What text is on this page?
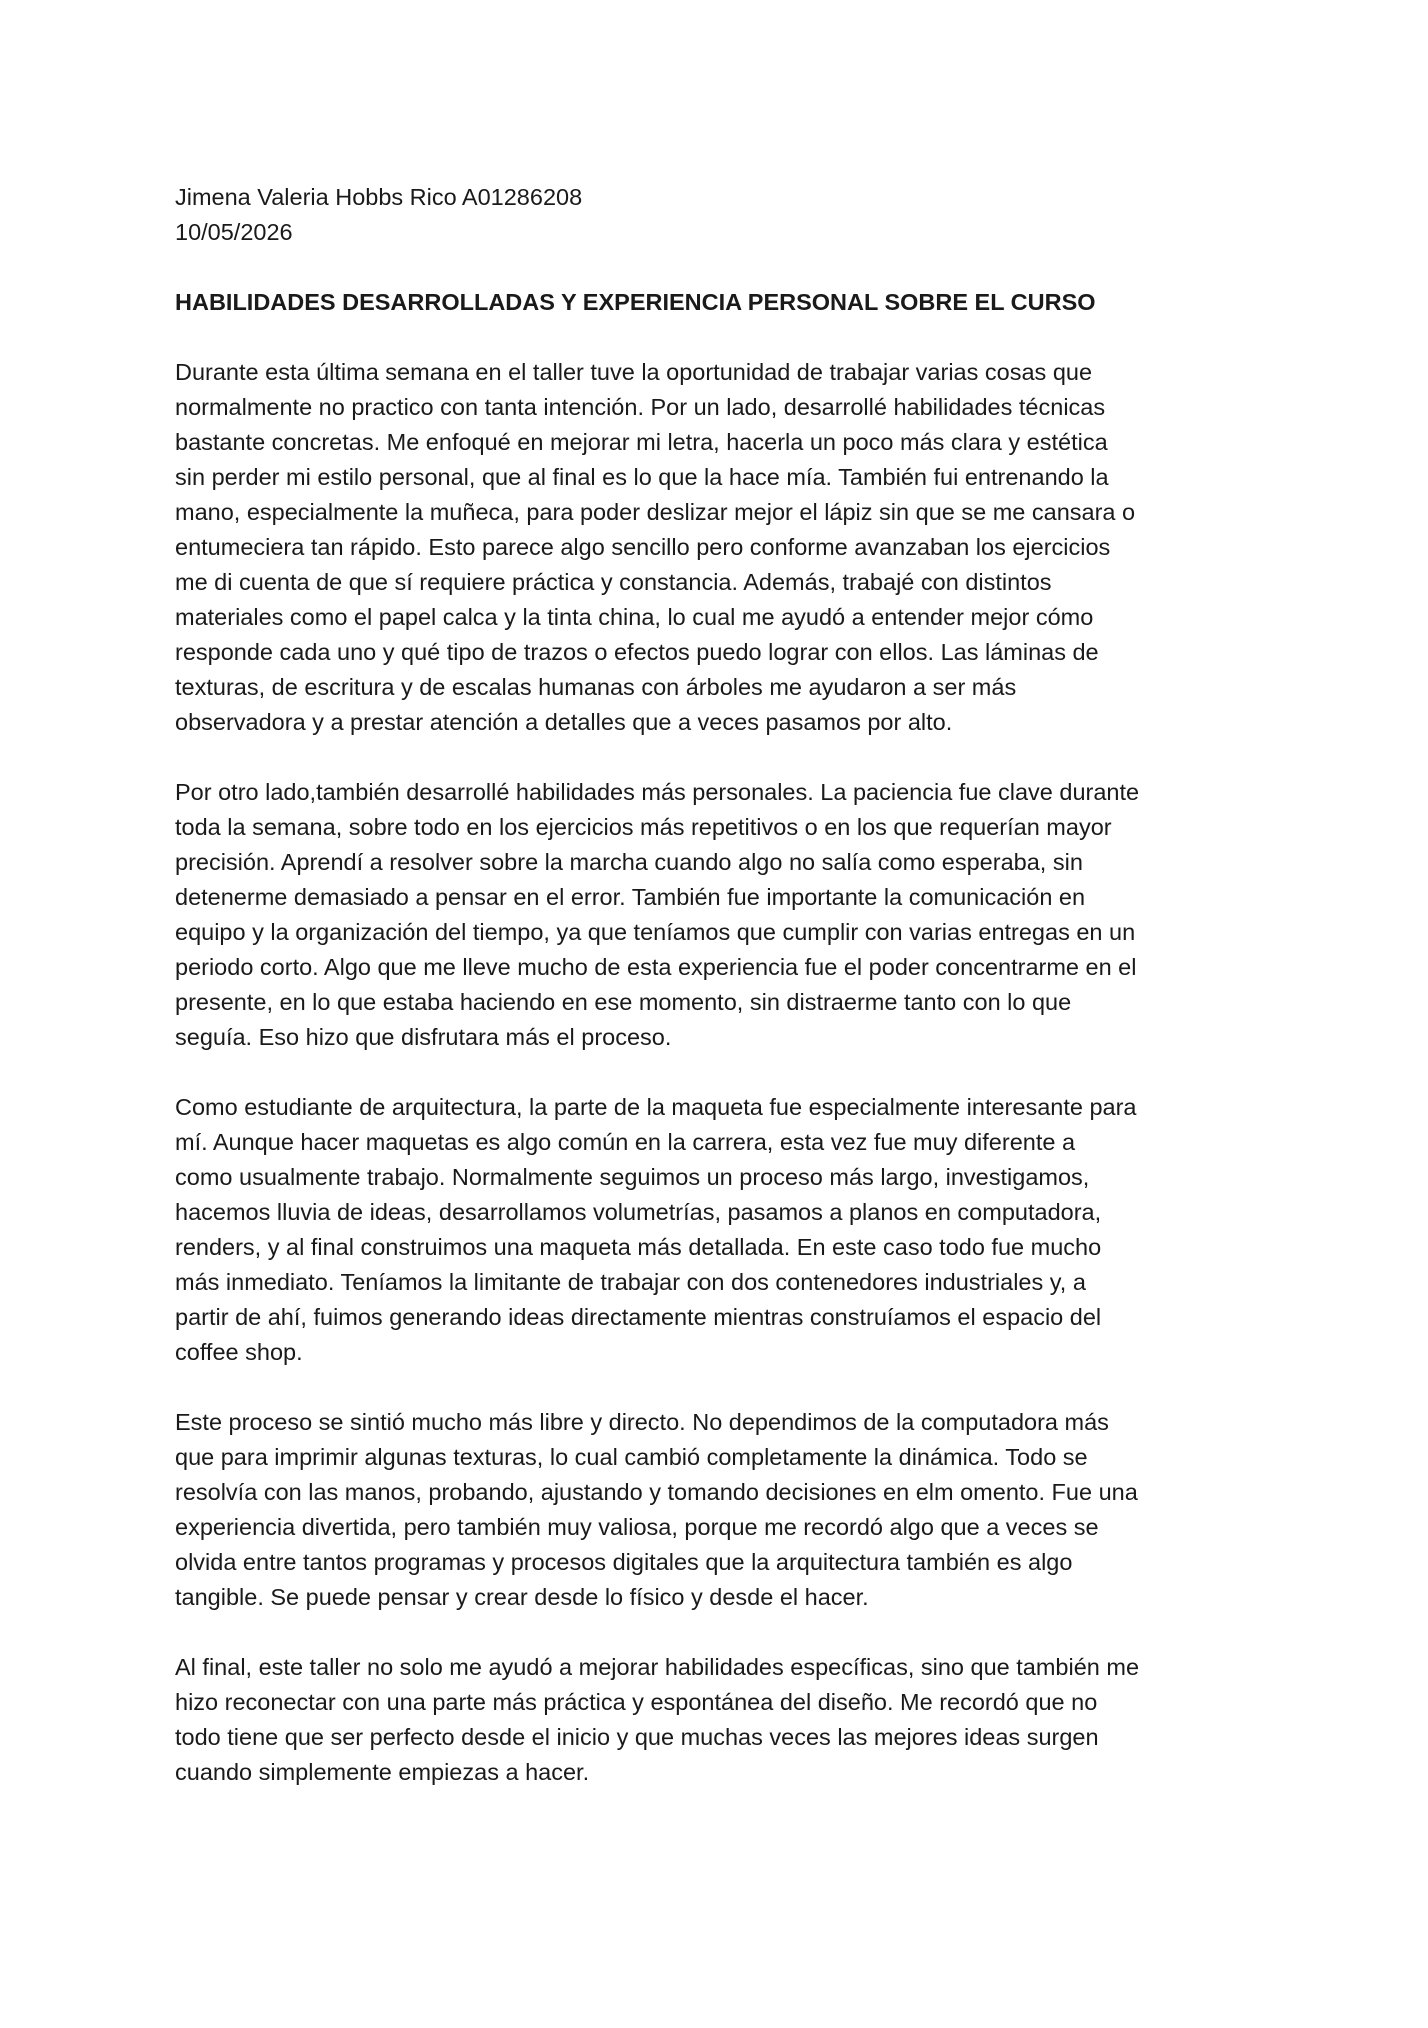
Jimena Valeria Hobbs Rico A01286208

10/05/2026

HABILIDADES DESARROLLADAS Y EXPERIENCIA PERSONAL SOBRE EL CURSO

Durante esta última semana en el taller tuve la oportunidad de trabajar varias cosas que
normalmente no practico con tanta intención. Por un lado, desarrollé habilidades técnicas
bastante concretas. Me enfoqué en mejorar mi letra, hacerla un poco más clara y estética
sin perder mi estilo personal, que al final es lo que la hace mía. También fui entrenando la
mano, especialmente la muñeca, para poder deslizar mejor el lápiz sin que se me cansara o
entumeciera tan rápido. Esto parece algo sencillo pero conforme avanzaban los ejercicios
me di cuenta de que sí requiere práctica y constancia. Además, trabajé con distintos
materiales como el papel calca y la tinta china, lo cual me ayudó a entender mejor cómo
responde cada uno y qué tipo de trazos o efectos puedo lograr con ellos. Las láminas de
texturas, de escritura y de escalas humanas con árboles me ayudaron a ser más
observadora y a prestar atención a detalles que a veces pasamos por alto.

Por otro lado,también desarrollé habilidades más personales. La paciencia fue clave durante
toda la semana, sobre todo en los ejercicios más repetitivos o en los que requerían mayor
precisión. Aprendí a resolver sobre la marcha cuando algo no salía como esperaba, sin
detenerme demasiado a pensar en el error. También fue importante la comunicación en
equipo y la organización del tiempo, ya que teníamos que cumplir con varias entregas en un
periodo corto. Algo que me lleve mucho de esta experiencia fue el poder concentrarme en el
presente, en lo que estaba haciendo en ese momento, sin distraerme tanto con lo que
seguía. Eso hizo que disfrutara más el proceso.

Como estudiante de arquitectura, la parte de la maqueta fue especialmente interesante para
mí. Aunque hacer maquetas es algo común en la carrera, esta vez fue muy diferente a
como usualmente trabajo. Normalmente seguimos un proceso más largo, investigamos,
hacemos lluvia de ideas, desarrollamos volumetrías, pasamos a planos en computadora,
renders, y al final construimos una maqueta más detallada. En este caso todo fue mucho
más inmediato. Teníamos la limitante de trabajar con dos contenedores industriales y, a
partir de ahí, fuimos generando ideas directamente mientras construíamos el espacio del
coffee shop.

Este proceso se sintió mucho más libre y directo. No dependimos de la computadora más
que para imprimir algunas texturas, lo cual cambió completamente la dinámica. Todo se
resolvía con las manos, probando, ajustando y tomando decisiones en elm omento. Fue una
experiencia divertida, pero también muy valiosa, porque me recordó algo que a veces se
olvida entre tantos programas y procesos digitales que la arquitectura también es algo
tangible. Se puede pensar y crear desde lo físico y desde el hacer.

Al final, este taller no solo me ayudó a mejorar habilidades específicas, sino que también me
hizo reconectar con una parte más práctica y espontánea del diseño. Me recordó que no
todo tiene que ser perfecto desde el inicio y que muchas veces las mejores ideas surgen
cuando simplemente empiezas a hacer.
